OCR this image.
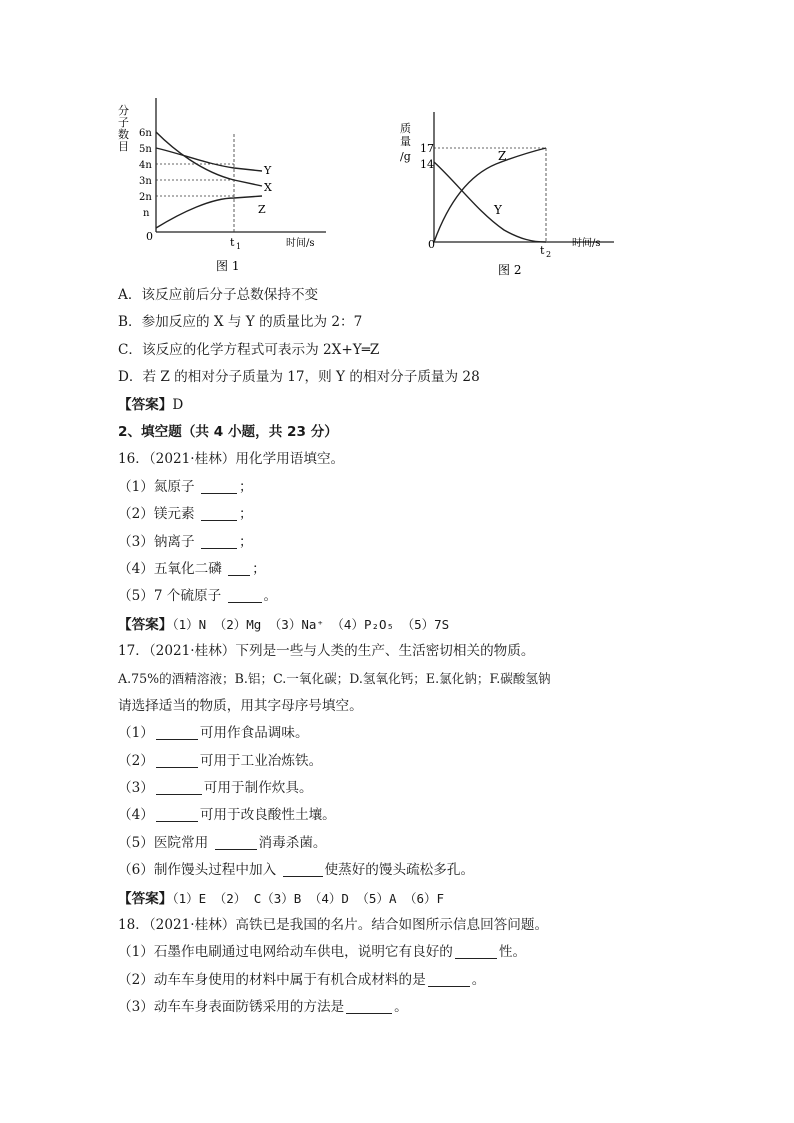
分
子
数
目
6n
5n
4n
3n
2n
n
0
Y
X
Z
t 1	时间/s
图 1
质
量
/g
17
14
0
Z
Y
t 2
时间/s
图 2
A．该反应前后分子总数保持不变
B．参加反应的 X 与 Y 的质量比为 2：7
C．该反应的化学方程式可表示为 2X+Y═Z
D．若 Z 的相对分子质量为 17，则 Y 的相对分子质量为 28
【答案】D
2、填空题（共 4 小题，共 23 分）
16．（2021·桂林）用化学用语填空。
（1）氮原子	；
（2）镁元素	；
（3）钠离子	；
（4）五氧化二磷 ；
（5）7 个硫原子	。
【答案】（1）N （2）Mg （3）Na⁺ （4）P₂O₅ （5）7S
17．（2021·桂林）下列是一些与人类的生产、生活密切相关的物质。
A.75%的酒精溶液；B.铝；C.一氧化碳；D.氢氧化钙；E.氯化钠；F.碳酸氢钠
请选择适当的物质，用其字母序号填空。
（1）	可用作食品调味。
（2）	可用于工业冶炼铁。
（3）	可用于制作炊具。
（4）	可用于改良酸性土壤。
（5）医院常用	消毒杀菌。
（6）制作馒头过程中加入	使蒸好的馒头疏松多孔。
【答案】（1）E （2） C（3）B （4）D （5）A （6）F
18．（2021·桂林）高铁已是我国的名片。结合如图所示信息回答问题。
（1）石墨作电刷通过电网给动车供电，说明它有良好的	性。
（2）动车车身使用的材料中属于有机合成材料的是	。
（3）动车车身表面防锈采用的方法是	。
